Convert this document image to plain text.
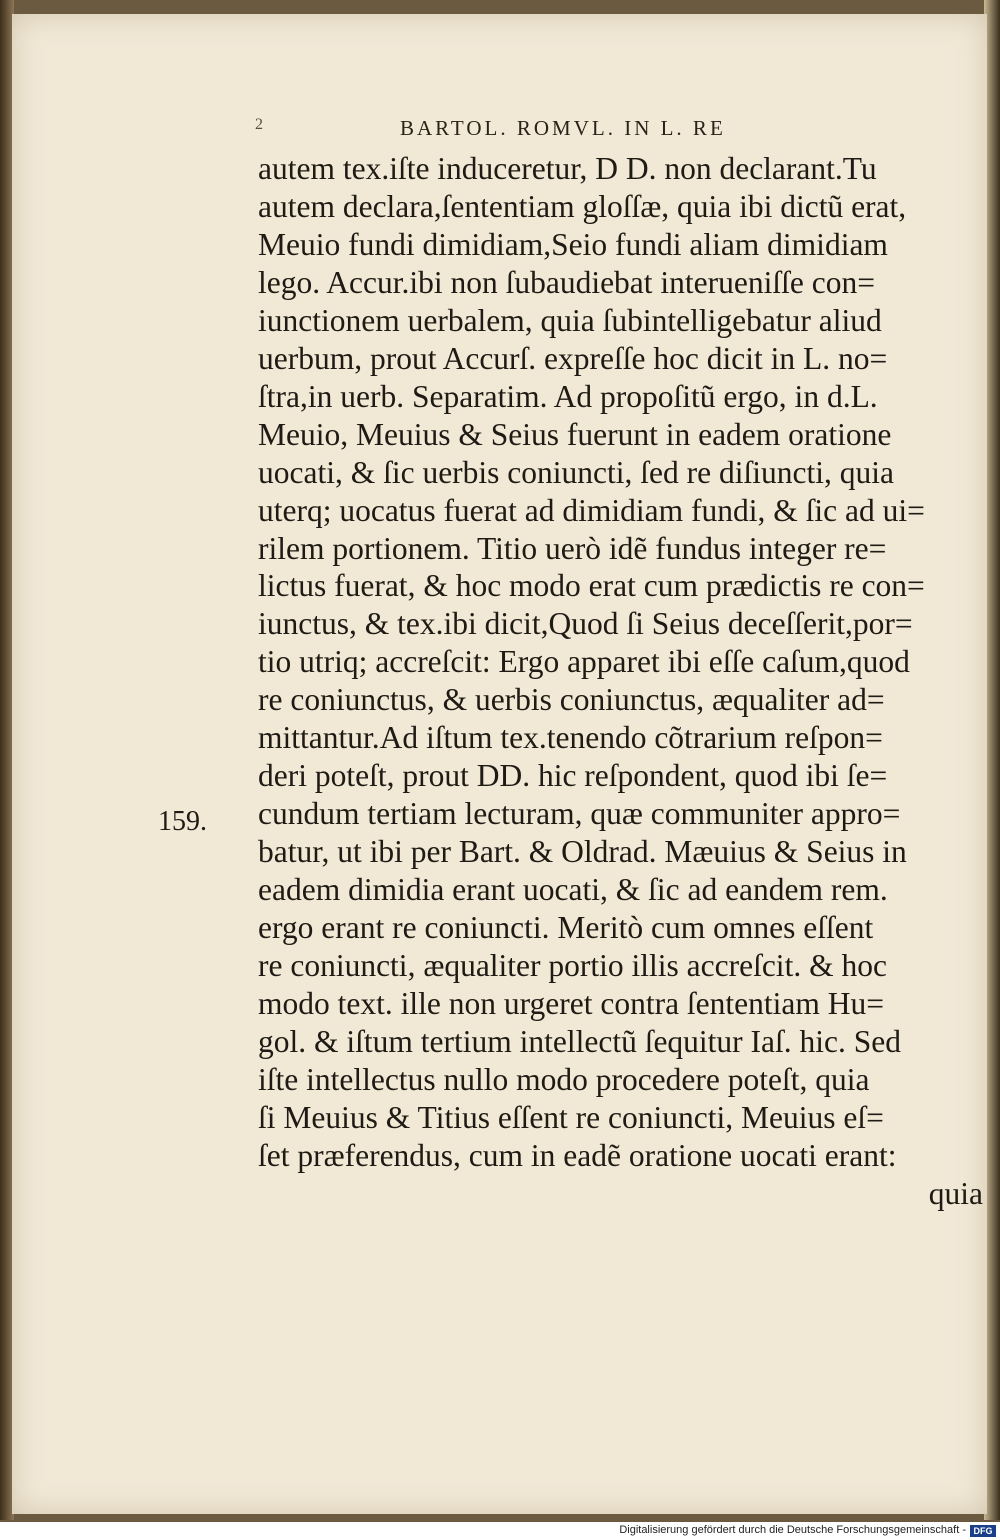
2	BARTOL. ROMVL. IN L. RE
159.
autem tex.iſte induceretur, D D. non declarant.Tu
autem declara,ſententiam gloſſæ, quia ibi dictũ erat,
Meuio fundi dimidiam,Seio fundi aliam dimidiam
lego. Accur.ibi non ſubaudiebat interueniſſe con=
iunctionem uerbalem, quia ſubintelligebatur aliud
uerbum, prout Accurſ. expreſſe hoc dicit in L. no=
ſtra,in uerb. Separatim. Ad propoſitũ ergo, in d.L.
Meuio, Meuius & Seius fuerunt in eadem oratione
uocati, & ſic uerbis coniuncti, ſed re diſiuncti, quia
uterq; uocatus fuerat ad dimidiam fundi, & ſic ad ui=
rilem portionem. Titio uerò idẽ fundus integer re=
lictus fuerat, & hoc modo erat cum prædictis re con=
iunctus, & tex.ibi dicit,Quod ſi Seius deceſſerit,por=
tio utriq; accreſcit: Ergo apparet ibi eſſe caſum,quod
re coniunctus, & uerbis coniunctus, æqualiter ad=
mittantur.Ad iſtum tex.tenendo cõtrarium reſpon=
deri poteſt, prout DD. hic reſpondent, quod ibi ſe=
cundum tertiam lecturam, quæ communiter appro=
batur, ut ibi per Bart. & Oldrad. Mæuius & Seius in
eadem dimidia erant uocati, & ſic ad eandem rem.
ergo erant re coniuncti. Meritò cum omnes eſſent
re coniuncti, æqualiter portio illis accreſcit. & hoc
modo text. ille non urgeret contra ſententiam Hu=
gol. & iſtum tertium intellectũ ſequitur Iaſ. hic. Sed
iſte intellectus nullo modo procedere poteſt, quia
ſi Meuius & Titius eſſent re coniuncti, Meuius eſ=
ſet præferendus, cum in eadẽ oratione uocati erant:
quia
Digitalisierung gefördert durch die Deutsche Forschungsgemeinschaft - DFG
